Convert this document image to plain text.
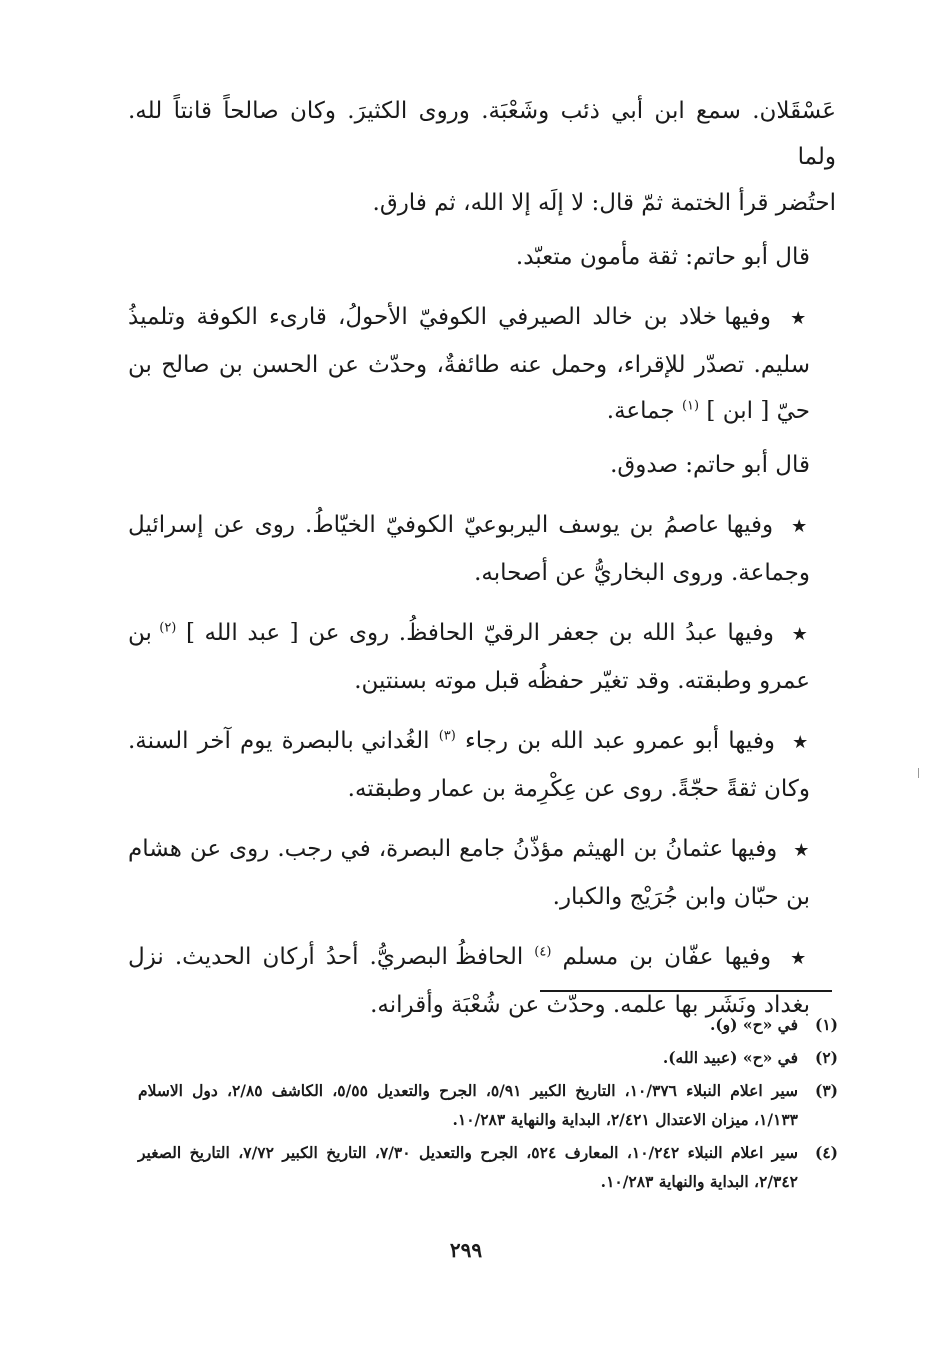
عَسْقَلان. سمع ابن أبي ذئب وشَعْبَة. وروى الكثيرَ. وكان صالحاً قانتاً لله. ولما
احتُضر قرأ الختمة ثمّ قال: لا إلَه إلا الله، ثم فارق.

قال أبو حاتم: ثقة مأمون متعبّد.

★ وفيها خلاد بن خالد الصيرفي الكوفيّ الأحولُ، قارىء الكوفة وتلميذُ سليم. تصدّر للإقراء، وحمل عنه طائفةٌ، وحدّث عن الحسن بن صالح بن حيّ [ ابن ] $^{(١)}$ جماعة.

قال أبو حاتم: صدوق.

★ وفيها عاصمُ بن يوسف اليربوعيّ الكوفيّ الخيّاطُ. روى عن إسرائيل وجماعة. وروى البخاريُّ عن أصحابه.

★ وفيها عبدُ الله بن جعفر الرقيّ الحافظُ. روى عن [ عبد الله ] $^{(٢)}$ بن عمرو وطبقته. وقد تغيّر حفظُه قبل موته بسنتين.

★ وفيها أبو عمرو عبد الله بن رجاء $^{(٣)}$ الغُداني بالبصرة يوم آخر السنة. وكان ثقةً حجّةً. روى عن عِكْرِمة بن عمار وطبقته.

★ وفيها عثمانُ بن الهيثم مؤذّنُ جامع البصرة، في رجب. روى عن هشام بن حبّان وابن جُرَيْج والكبار.

★ وفيها عفّان بن مسلم $^{(٤)}$ الحافظُ البصريُّ. أحدُ أركان الحديث. نزل بغداد ونَشَر بها علمه. وحدّث عن شُعْبَة وأقرانه.

(١)
في «ح» (و).
(٢)
في «ح» (عبيد الله).
(٣)
سير اعلام النبلاء ١٠/٣٧٦، التاريخ الكبير ٥/٩١، الجرح والتعديل ٥/٥٥، الكاشف ٢/٨٥، دول الاسلام ١/١٣٣، ميزان الاعتدال ٢/٤٢١، البداية والنهاية ١٠/٢٨٣.
(٤)
سير اعلام النبلاء ١٠/٢٤٢، المعارف ٥٢٤، الجرح والتعديل ٧/٣٠، التاريخ الكبير ٧/٧٢، التاريخ الصغير ٢/٣٤٢، البداية والنهاية ١٠/٢٨٣.
٢٩٩
